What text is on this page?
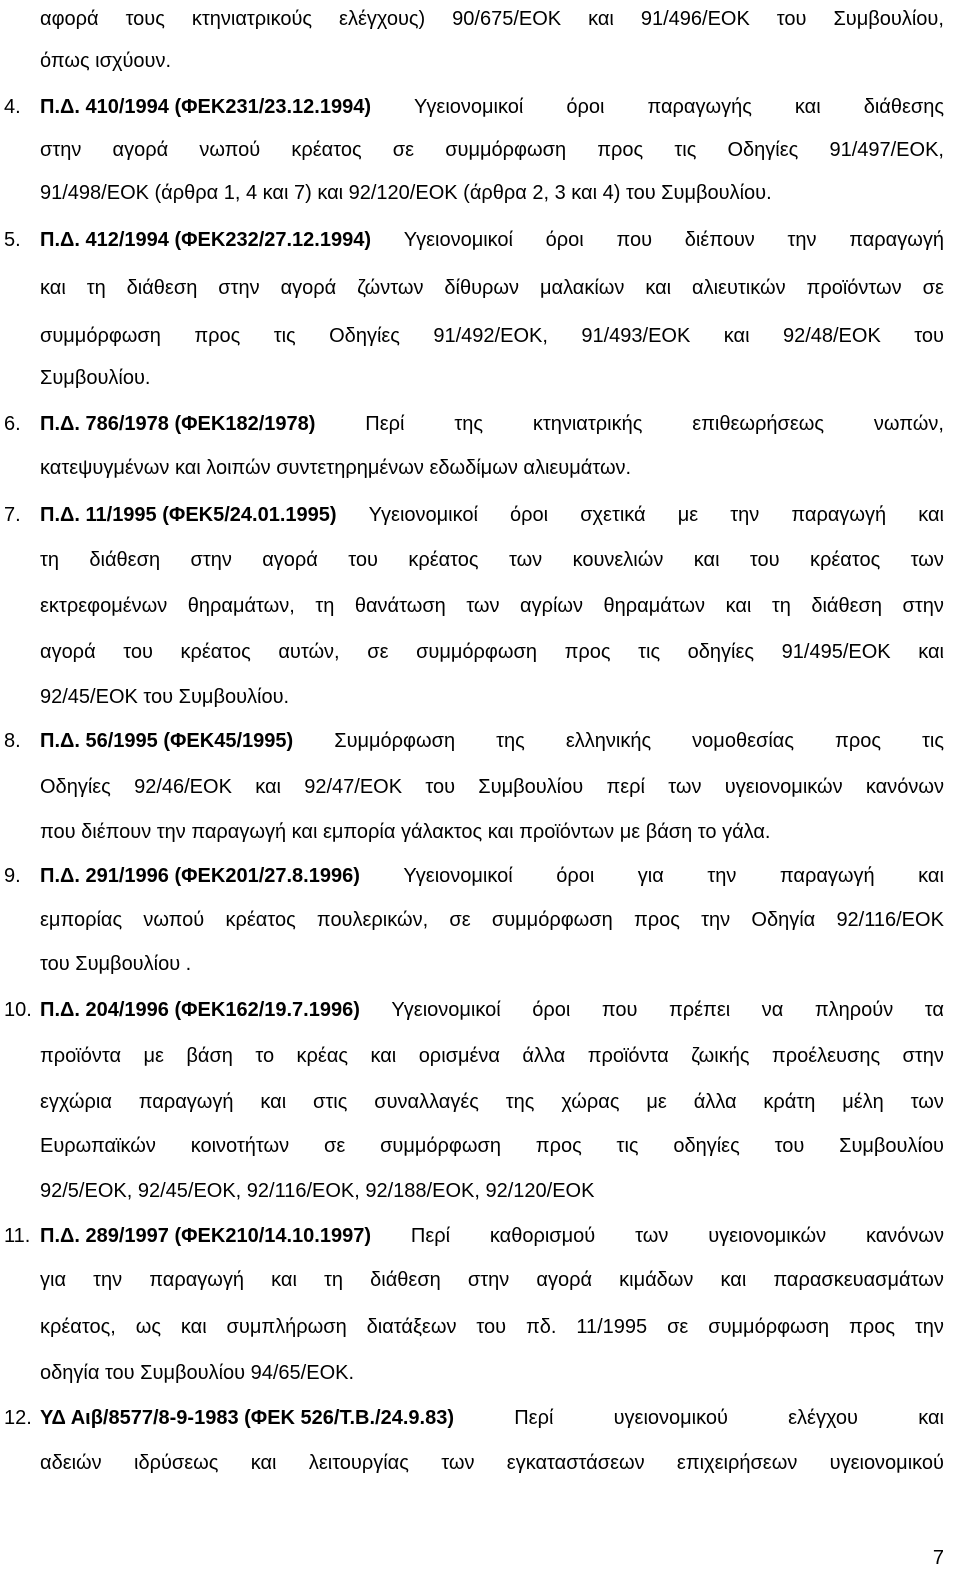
αφορά τους κτηνιατρικούς ελέγχους) 90/675/ΕΟΚ και 91/496/ΕΟΚ του Συμβουλίου,
όπως ισχύουν.
4. Π.Δ. 410/1994 (ΦΕΚ231/23.12.1994) Υγειονομικοί όροι παραγωγής και διάθεσης
στην αγορά νωπού κρέατος σε συμμόρφωση προς τις Οδηγίες 91/497/ΕΟΚ,
91/498/ΕΟΚ (άρθρα 1, 4 και 7) και 92/120/ΕΟΚ (άρθρα 2, 3 και 4) του Συμβουλίου.
5. Π.Δ. 412/1994 (ΦΕΚ232/27.12.1994) Υγειονομικοί όροι που διέπουν την παραγωγή
και τη διάθεση στην αγορά ζώντων δίθυρων μαλακίων και αλιευτικών προϊόντων σε
συμμόρφωση προς τις Οδηγίες 91/492/ΕΟΚ, 91/493/ΕΟΚ και 92/48/ΕΟΚ του
Συμβουλίου.
6. Π.Δ. 786/1978 (ΦΕΚ182/1978) Περί της κτηνιατρικής επιθεωρήσεως νωπών,
κατεψυγμένων και λοιπών συντετηρημένων εδωδίμων αλιευμάτων.
7. Π.Δ. 11/1995 (ΦΕΚ5/24.01.1995) Υγειονομικοί όροι σχετικά με την παραγωγή και
τη διάθεση στην αγορά του κρέατος των κουνελιών και του κρέατος των
εκτρεφομένων θηραμάτων, τη θανάτωση των αγρίων θηραμάτων και τη διάθεση στην
αγορά του κρέατος αυτών, σε συμμόρφωση προς τις οδηγίες 91/495/ΕΟΚ και
92/45/ΕΟΚ του Συμβουλίου.
8. Π.Δ. 56/1995 (ΦΕΚ45/1995) Συμμόρφωση της ελληνικής νομοθεσίας προς τις
Οδηγίες 92/46/ΕΟΚ και 92/47/ΕΟΚ του Συμβουλίου περί των υγειονομικών κανόνων
που διέπουν την παραγωγή και εμπορία γάλακτος και προϊόντων με βάση το γάλα.
9. Π.Δ. 291/1996 (ΦΕΚ201/27.8.1996) Υγειονομικοί όροι για την παραγωγή και
εμπορίας νωπού κρέατος πουλερικών, σε συμμόρφωση προς την Οδηγία 92/116/ΕΟΚ
του Συμβουλίου .
10. Π.Δ. 204/1996 (ΦΕΚ162/19.7.1996) Υγειονομικοί όροι που πρέπει να πληρούν τα
προϊόντα με βάση το κρέας και ορισμένα άλλα προϊόντα ζωικής προέλευσης στην
εγχώρια παραγωγή και στις συναλλαγές της χώρας με άλλα κράτη μέλη των
Ευρωπαϊκών κοινοτήτων σε συμμόρφωση προς τις οδηγίες του Συμβουλίου
92/5/ΕΟΚ, 92/45/ΕΟΚ, 92/116/ΕΟΚ, 92/188/ΕΟΚ, 92/120/ΕΟΚ
11. Π.Δ. 289/1997 (ΦΕΚ210/14.10.1997) Περί καθορισμού των υγειονομικών κανόνων
για την παραγωγή και τη διάθεση στην αγορά κιμάδων και παρασκευασμάτων
κρέατος, ως και συμπλήρωση διατάξεων του πδ. 11/1995 σε συμμόρφωση προς την
οδηγία του Συμβουλίου 94/65/ΕΟΚ.
12. ΥΔ Αιβ/8577/8-9-1983 (ΦΕΚ 526/Τ.Β./24.9.83)	Περί	υγειονομικού	ελέγχου	και
αδειών ιδρύσεως και λειτουργίας των εγκαταστάσεων επιχειρήσεων υγειονομικού
7
